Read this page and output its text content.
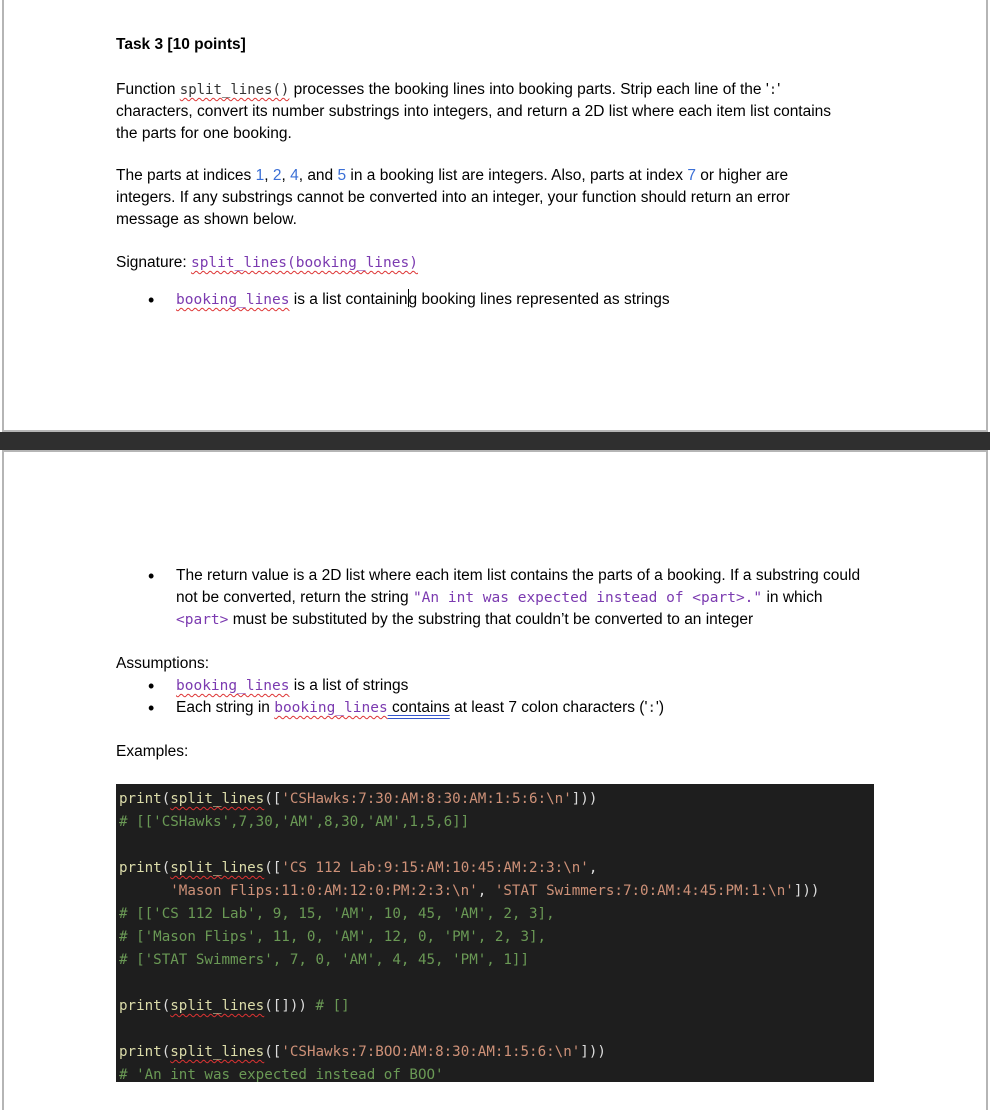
Task 3 [10 points]
Function split_lines() processes the booking lines into booking parts. Strip each line of the ':' characters, convert its number substrings into integers, and return a 2D list where each item list contains the parts for one booking.
The parts at indices 1, 2, 4, and 5 in a booking list are integers. Also, parts at index 7 or higher are integers. If any substrings cannot be converted into an integer, your function should return an error message as shown below.
Signature: split_lines(booking_lines)
• booking_lines is a list containing booking lines represented as strings
• The return value is a 2D list where each item list contains the parts of a booking. If a substring could not be converted, return the string "An int was expected instead of <part>." in which <part> must be substituted by the substring that couldn’t be converted to an integer
Assumptions:
• booking_lines is a list of strings
• Each string in booking_lines contains at least 7 colon characters (':')
Examples:
print(split_lines(['CSHawks:7:30:AM:8:30:AM:1:5:6:\n']))
# [['CSHawks',7,30,'AM',8,30,'AM',1,5,6]]

print(split_lines(['CS 112 Lab:9:15:AM:10:45:AM:2:3:\n',
'Mason Flips:11:0:AM:12:0:PM:2:3:\n', 'STAT Swimmers:7:0:AM:4:45:PM:1:\n']))
# [['CS 112 Lab', 9, 15, 'AM', 10, 45, 'AM', 2, 3],
# ['Mason Flips', 11, 0, 'AM', 12, 0, 'PM', 2, 3],
# ['STAT Swimmers', 7, 0, 'AM', 4, 45, 'PM', 1]]

print(split_lines([])) # []

print(split_lines(['CSHawks:7:BOO:AM:8:30:AM:1:5:6:\n']))
# 'An int was expected instead of BOO'
